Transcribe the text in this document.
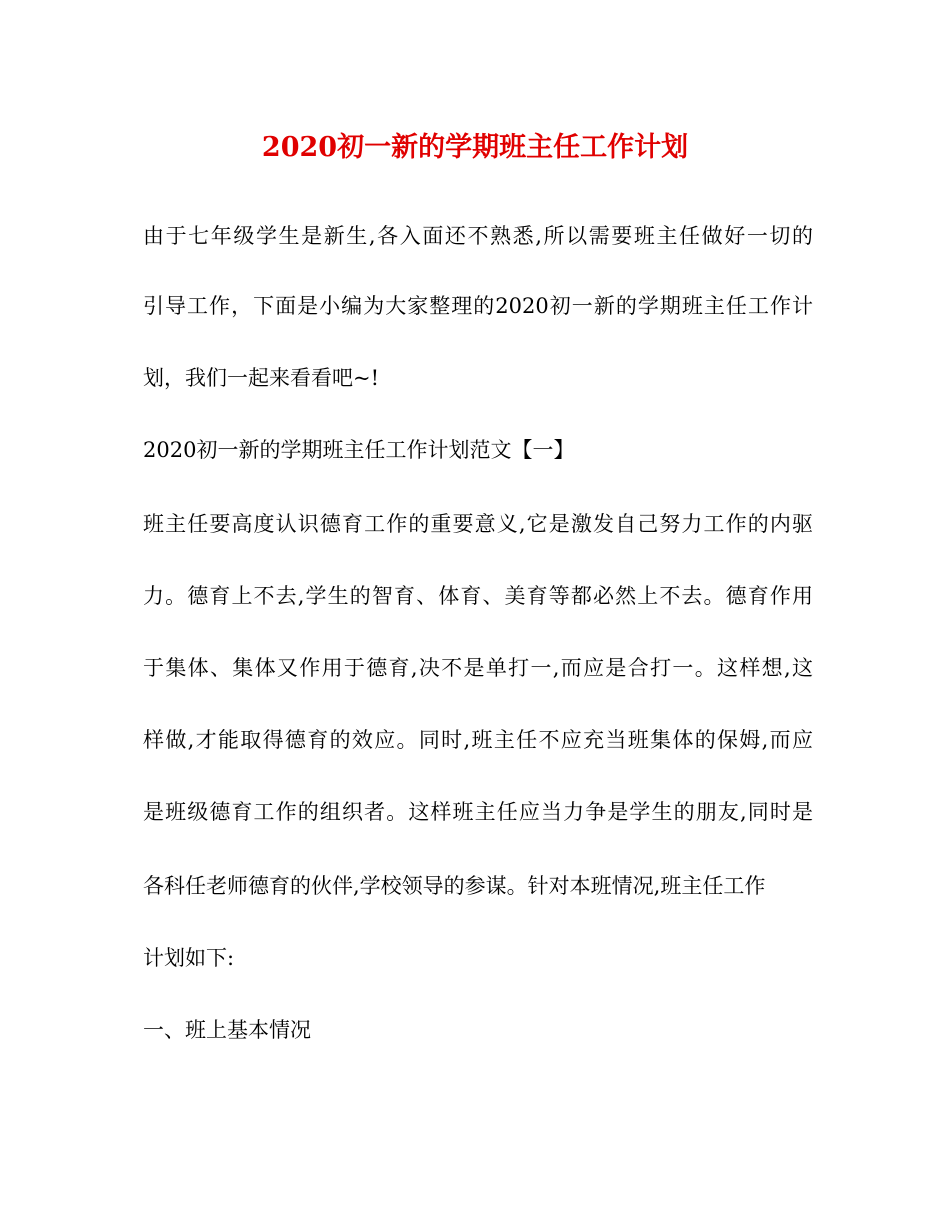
2020初一新的学期班主任工作计划

由于七年级学生是新生,各入面还不熟悉,所以需要班主任做好一切的

引导工作，下面是小编为大家整理的2020初一新的学期班主任工作计

划，我们一起来看看吧~!

2020初一新的学期班主任工作计划范文【一】

班主任要高度认识德育工作的重要意义,它是激发自己努力工作的内驱

力。德育上不去,学生的智育、体育、美育等都必然上不去。德育作用

于集体、集体又作用于德育,决不是单打一,而应是合打一。这样想,这

样做,才能取得德育的效应。同时,班主任不应充当班集体的保姆,而应

是班级德育工作的组织者。这样班主任应当力争是学生的朋友,同时是

各科任老师德育的伙伴,学校领导的参谋。针对本班情况,班主任工作

计划如下:

一、班上基本情况
